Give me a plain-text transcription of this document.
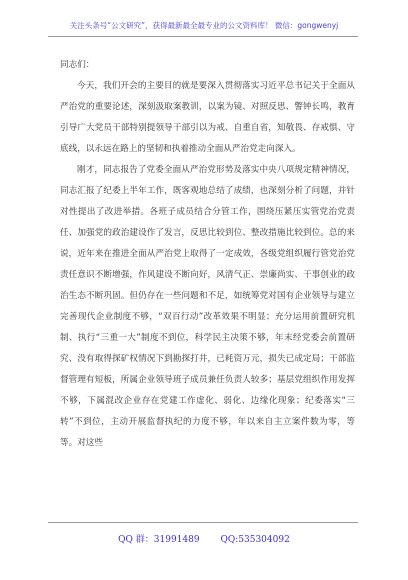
关注头条号“公文研究”，获得最新最全最专业的公文资料库！ 微信：gongwenyj

同志们：

今天，我们开会的主要目的就是要深入贯彻落实习近平总书记关于全面从严治党的重要论述，深刻汲取案教训，以案为镜、对照反思、警钟长鸣，教育引导广大党员干部特别提领导干部引以为戒、自重自省，知敬畏、存戒惧、守底线，以永远在路上的坚韧和执着推动全面从严治党走向深入。

刚才，同志报告了党委全面从严治党形势及落实中央八项规定精神情况，同志汇报了纪委上半年工作，既客观地总结了成绩，也深刻分析了问题，并针对性提出了改进举措。各班子成员结合分管工作，围绕压紧压实管党治党责任、加强党的政治建设作了发言，反思比较到位、整改措施比较到位。总的来说，近年来在推进全面从严治党上取得了一定成效，各级党组织履行管党治党责任意识不断增强，作风建设不断向好，风清气正、崇廉尚实、干事创业的政治生态不断巩固。但仍存在一些问题和不足，如统筹党对国有企业领导与建立完善现代企业制度不够，“双百行动”改革效果不明显；充分运用前置研究机制、执行“三重一大”制度不到位，科学民主决策不够，年末经党委会前置研究、没有取得探矿权情况下到勘探打井，已耗资万元，损失已成定局；干部监督管理有短板，所属企业领导班子成员兼任负责人较多；基层党组织作用发挥不够，下属混改企业存在党建工作虚化、弱化、边缘化现象；纪委落实“三转”不到位，主动开展监督执纪的力度不够，年以来自主立案件数为零，等等。对这些

QQ 群：31991489 QQ:535304092
